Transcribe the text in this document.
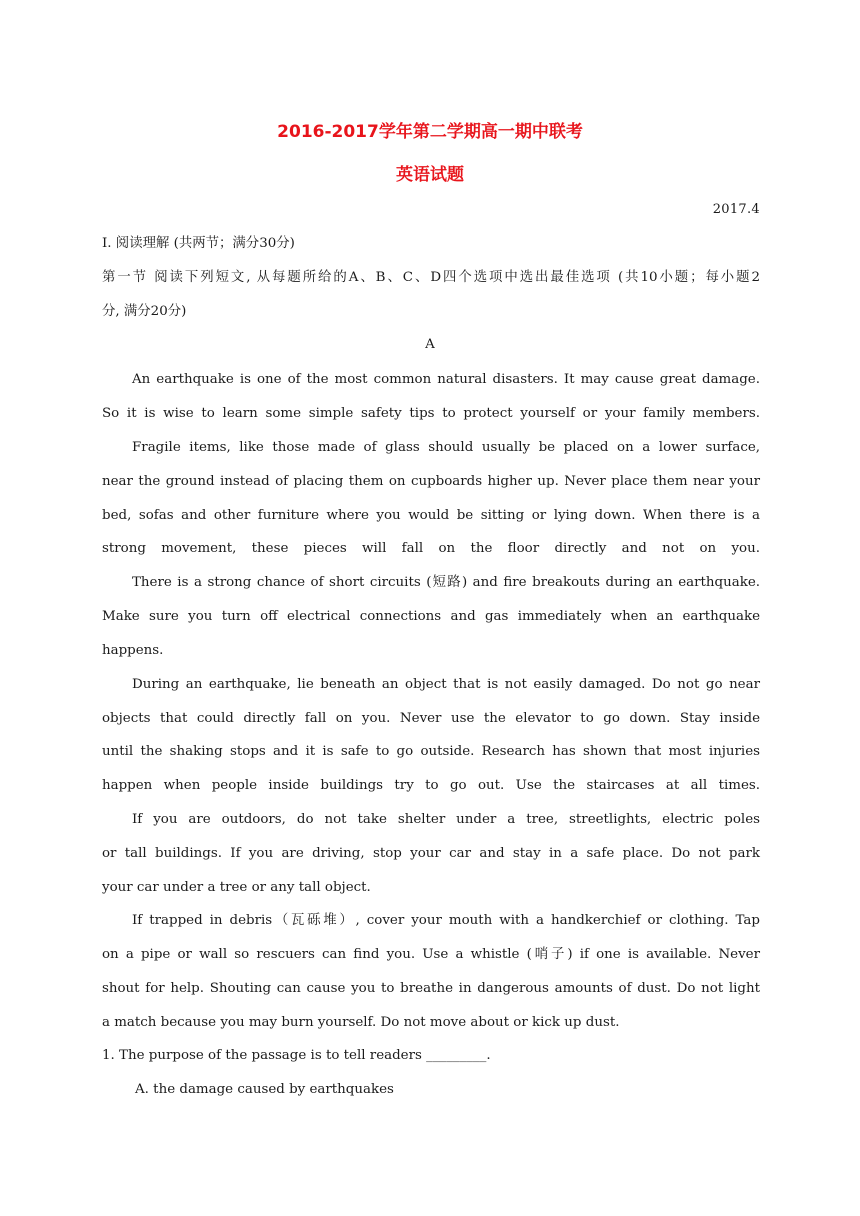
2016-2017学年第二学期高一期中联考
英语试题
2017.4
I. 阅读理解 (共两节；满分30分)
第一节 阅读下列短文, 从每题所给的A、B、C、D四个选项中选出最佳选项 (共10小题；每小题2
分, 满分20分)
A
An earthquake is one of the most common natural disasters. It may cause great damage.
So it is wise to learn some simple safety tips to protect yourself or your family members.
Fragile items, like those made of glass should usually be placed on a lower surface,
near the ground instead of placing them on cupboards higher up. Never place them near your
bed, sofas and other furniture where you would be sitting or lying down. When there is a
strong movement, these pieces will fall on the floor directly and not on you.
There is a strong chance of short circuits (短路) and fire breakouts during an earthquake.
Make sure you turn off electrical connections and gas immediately when an earthquake
happens.
During an earthquake, lie beneath an object that is not easily damaged. Do not go near
objects that could directly fall on you. Never use the elevator to go down. Stay inside
until the shaking stops and it is safe to go outside. Research has shown that most injuries
happen when people inside buildings try to go out. Use the staircases at all times.
If you are outdoors, do not take shelter under a tree, streetlights, electric poles
or tall buildings. If you are driving, stop your car and stay in a safe place. Do not park
your car under a tree or any tall object.
If trapped in debris（瓦砾堆）, cover your mouth with a handkerchief or clothing. Tap
on a pipe or wall so rescuers can find you. Use a whistle (哨子) if one is available. Never
shout for help. Shouting can cause you to breathe in dangerous amounts of dust. Do not light
a match because you may burn yourself. Do not move about or kick up dust.
1. The purpose of the passage is to tell readers _________.
A. the damage caused by earthquakes
